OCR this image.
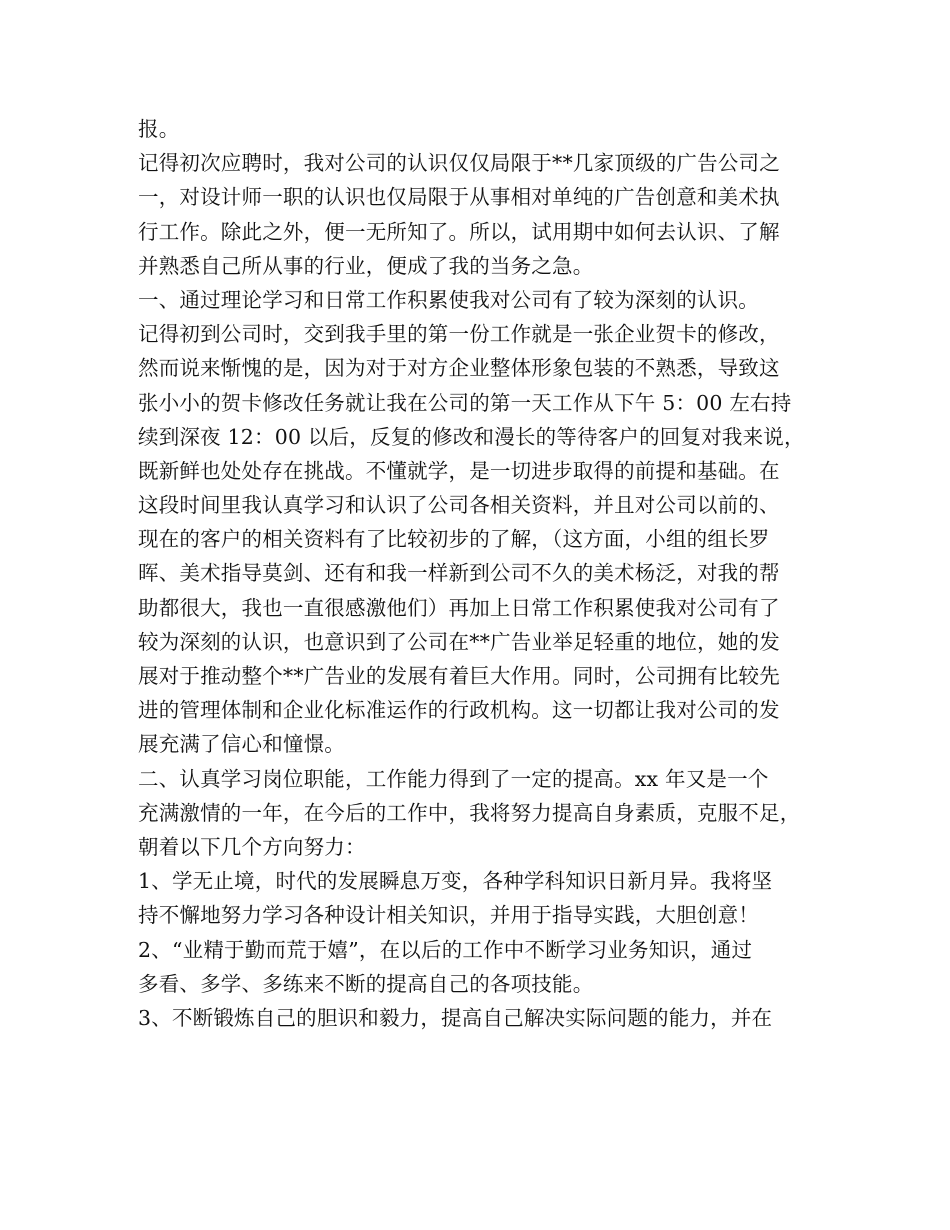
报。
记得初次应聘时，我对公司的认识仅仅局限于**几家顶级的广告公司之
一，对设计师一职的认识也仅局限于从事相对单纯的广告创意和美术执
行工作。除此之外，便一无所知了。所以，试用期中如何去认识、了解
并熟悉自己所从事的行业，便成了我的当务之急。
一、通过理论学习和日常工作积累使我对公司有了较为深刻的认识。
记得初到公司时，交到我手里的第一份工作就是一张企业贺卡的修改，
然而说来惭愧的是，因为对于对方企业整体形象包装的不熟悉，导致这
张小小的贺卡修改任务就让我在公司的第一天工作从下午 5：00 左右持
续到深夜 12：00 以后，反复的修改和漫长的等待客户的回复对我来说，
既新鲜也处处存在挑战。不懂就学，是一切进步取得的前提和基础。在
这段时间里我认真学习和认识了公司各相关资料，并且对公司以前的、
现在的客户的相关资料有了比较初步的了解，（这方面，小组的组长罗
晖、美术指导莫剑、还有和我一样新到公司不久的美术杨泛，对我的帮
助都很大，我也一直很感激他们）再加上日常工作积累使我对公司有了
较为深刻的认识，也意识到了公司在**广告业举足轻重的地位，她的发
展对于推动整个**广告业的发展有着巨大作用。同时，公司拥有比较先
进的管理体制和企业化标准运作的行政机构。这一切都让我对公司的发
展充满了信心和憧憬。
二、认真学习岗位职能，工作能力得到了一定的提高。xx 年又是一个
充满激情的一年，在今后的工作中，我将努力提高自身素质，克服不足，
朝着以下几个方向努力：
1、学无止境，时代的发展瞬息万变，各种学科知识日新月异。我将坚
持不懈地努力学习各种设计相关知识，并用于指导实践，大胆创意！
2、“业精于勤而荒于嬉”，在以后的工作中不断学习业务知识，通过
多看、多学、多练来不断的提高自己的各项技能。
3、不断锻炼自己的胆识和毅力，提高自己解决实际问题的能力，并在
